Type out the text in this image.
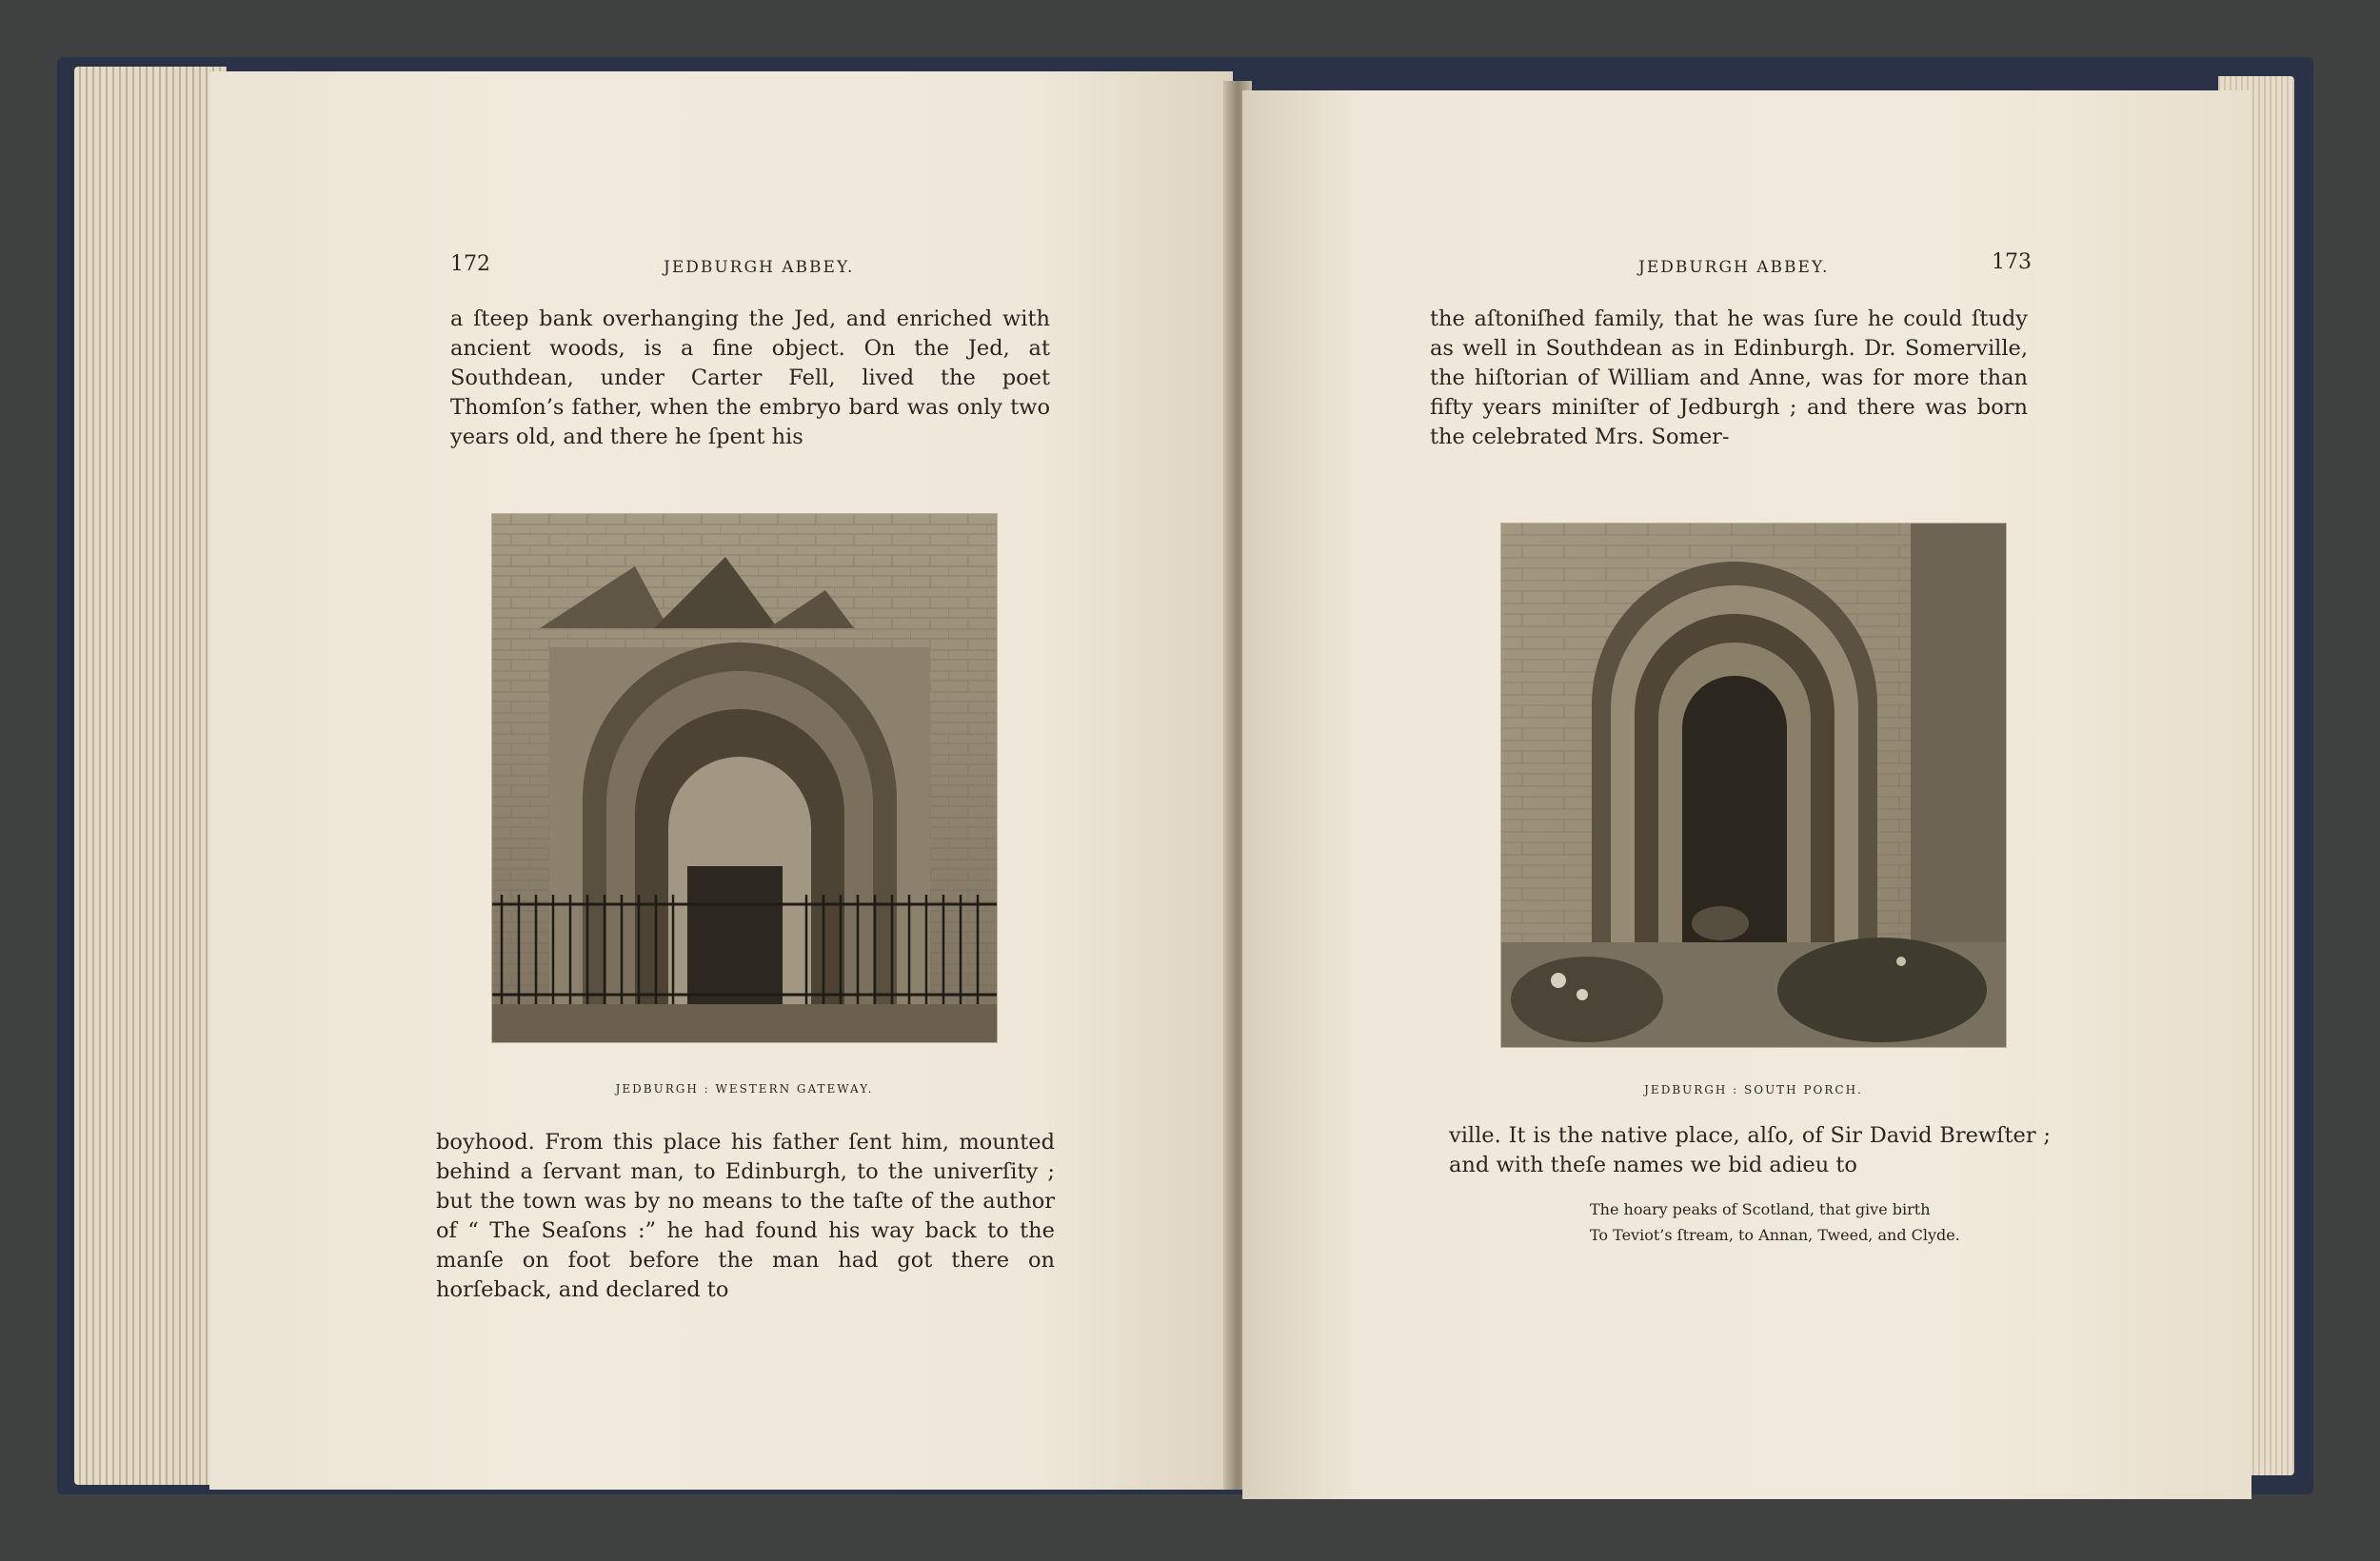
172	JEDBURGH ABBEY.

a ſteep bank overhanging the Jed, and enriched with ancient woods, is a fine object. On the Jed, at Southdean, under Carter Fell, lived the poet Thomſon’s father, when the embryo bard was only two years old, and there he ſpent his

JEDBURGH : WESTERN GATEWAY.

boyhood. From this place his father ſent him, mounted behind a ſervant man, to Edinburgh, to the univerſity ; but the town was by no means to the taſte of the author of “ The Seaſons :” he had found his way back to the manſe on foot before the man had got there on horſeback, and declared to

JEDBURGH ABBEY.	173

the aſtoniſhed family, that he was ſure he could ſtudy as well in Southdean as in Edinburgh. Dr. Somerville, the hiſtorian of William and Anne, was for more than fifty years miniſter of Jedburgh ; and there was born the celebrated Mrs. Somer-

JEDBURGH : SOUTH PORCH.

ville. It is the native place, alſo, of Sir David Brewſter ; and with theſe names we bid adieu to

The hoary peaks of Scotland, that give birth

To Teviot’s ſtream, to Annan, Tweed, and Clyde.
